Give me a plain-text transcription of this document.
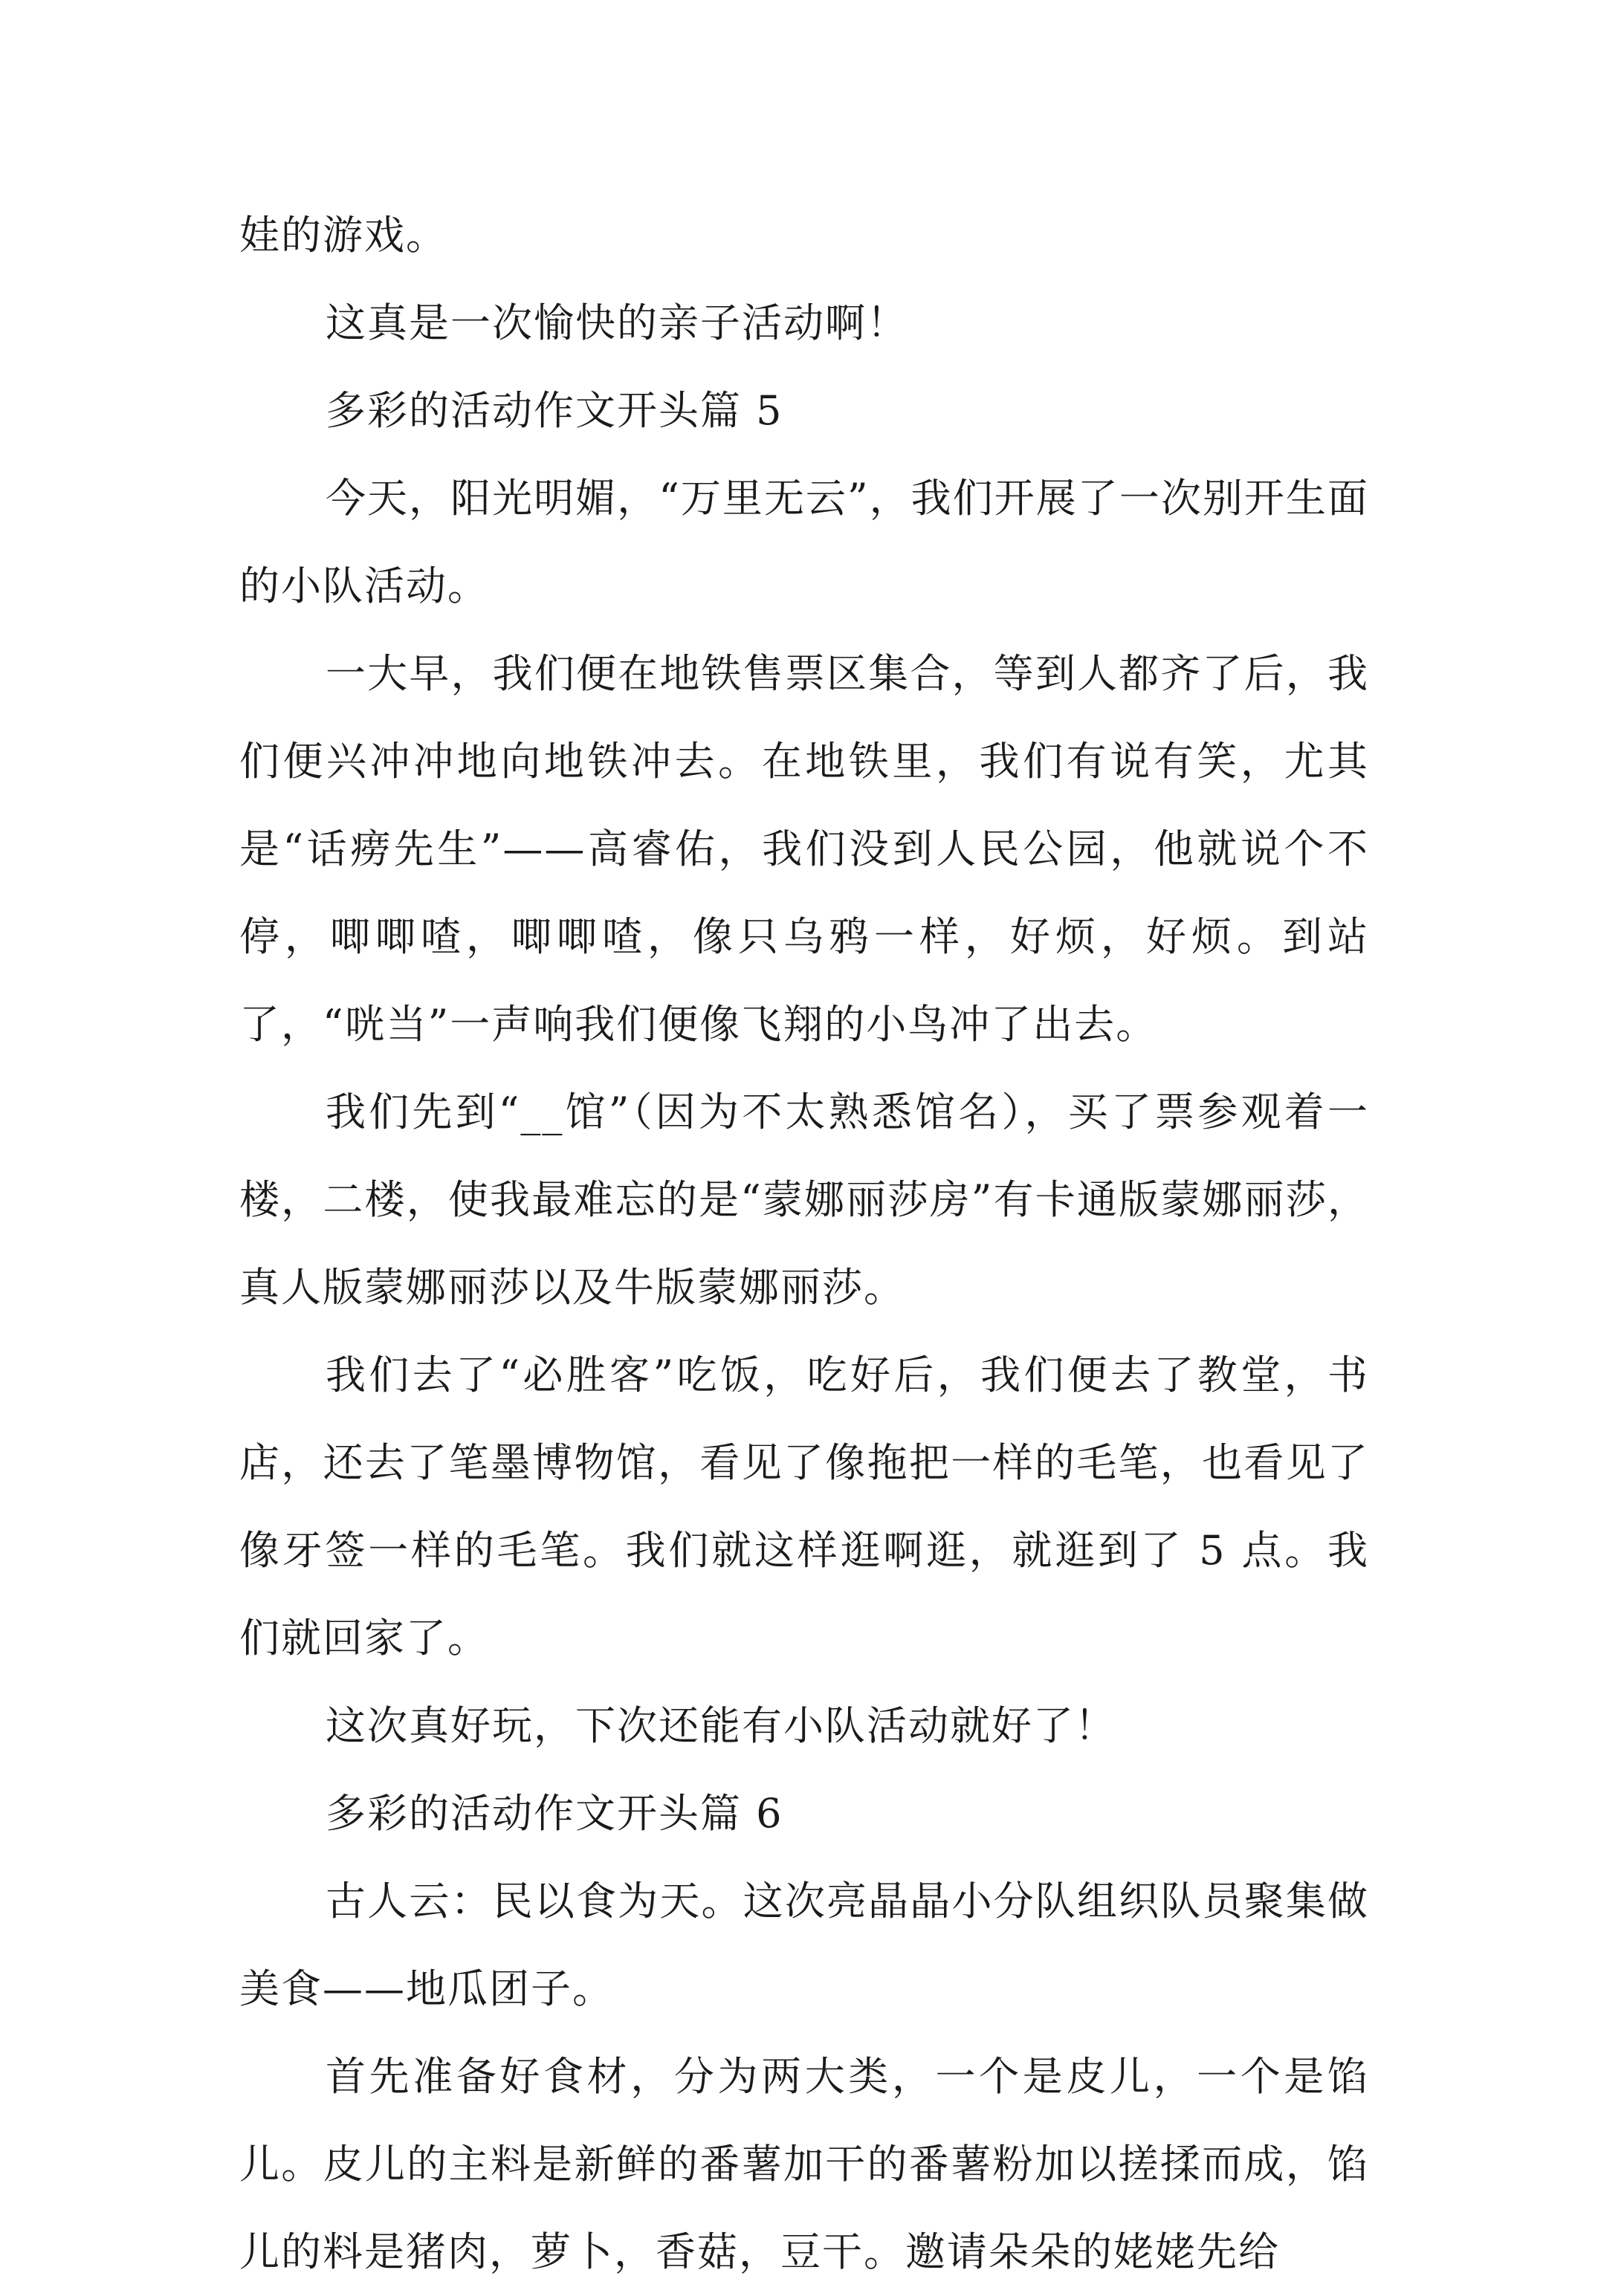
娃的游戏。

这真是一次愉快的亲子活动啊！

多彩的活动作文开头篇 5

今天，阳光明媚，“万里无云”，我们开展了一次别开生面的小队活动。

一大早，我们便在地铁售票区集合，等到人都齐了后，我们便兴冲冲地向地铁冲去。在地铁里，我们有说有笑，尤其是“话痨先生”——高睿佑，我们没到人民公园，他就说个不停，唧唧喳，唧唧喳，像只乌鸦一样，好烦，好烦。到站了，“咣当”一声响我们便像飞翔的小鸟冲了出去。

我们先到“__馆”（因为不太熟悉馆名），买了票参观着一楼，二楼，使我最难忘的是“蒙娜丽莎房”有卡通版蒙娜丽莎，真人版蒙娜丽莎以及牛版蒙娜丽莎。

我们去了“必胜客”吃饭，吃好后，我们便去了教堂，书店，还去了笔墨博物馆，看见了像拖把一样的毛笔，也看见了像牙签一样的毛笔。我们就这样逛啊逛，就逛到了 5 点。我们就回家了。

这次真好玩，下次还能有小队活动就好了！

多彩的活动作文开头篇 6

古人云：民以食为天。这次亮晶晶小分队组织队员聚集做美食——地瓜团子。

首先准备好食材，分为两大类，一个是皮儿，一个是馅儿。皮儿的主料是新鲜的番薯加干的番薯粉加以搓揉而成，馅儿的料是猪肉，萝卜，香菇，豆干。邀请朵朵的姥姥先给
